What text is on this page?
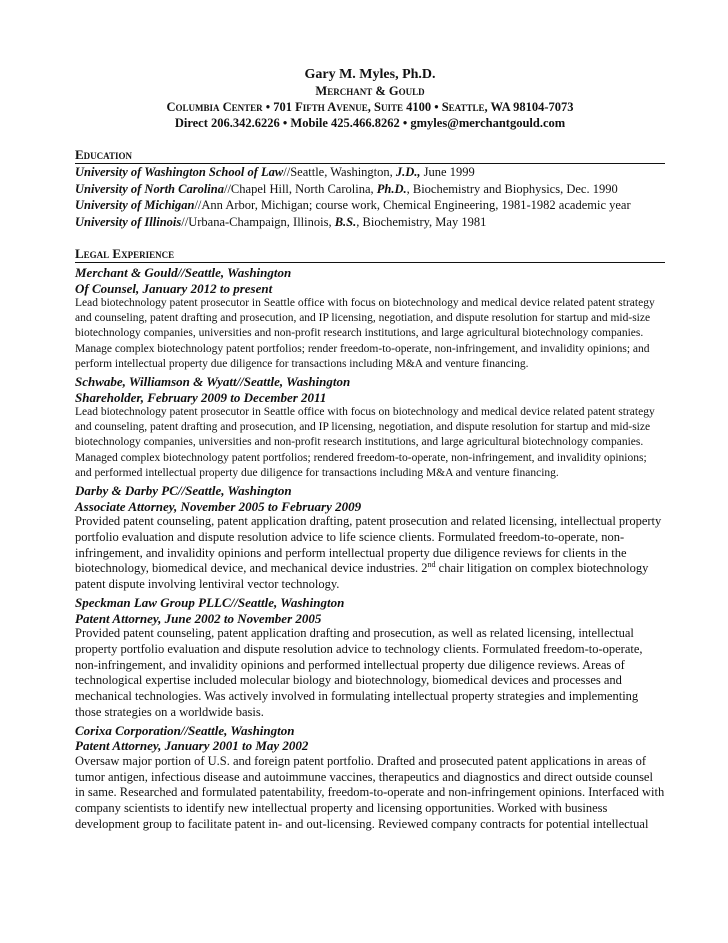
Gary M. Myles, Ph.D.
Merchant & Gould
Columbia Center • 701 Fifth Avenue, Suite 4100 • Seattle, WA 98104-7073
Direct 206.342.6226 • Mobile 425.466.8262 • gmyles@merchantgould.com
Education
University of Washington School of Law//Seattle, Washington, J.D., June 1999
University of North Carolina//Chapel Hill, North Carolina, Ph.D., Biochemistry and Biophysics, Dec. 1990
University of Michigan//Ann Arbor, Michigan; course work, Chemical Engineering, 1981-1982 academic year
University of Illinois//Urbana-Champaign, Illinois, B.S., Biochemistry, May 1981
Legal Experience
Merchant & Gould//Seattle, Washington
Of Counsel, January 2012 to present
Lead biotechnology patent prosecutor in Seattle office with focus on biotechnology and medical device related patent strategy and counseling, patent drafting and prosecution, and IP licensing, negotiation, and dispute resolution for startup and mid-size biotechnology companies, universities and non-profit research institutions, and large agricultural biotechnology companies. Manage complex biotechnology patent portfolios; render freedom-to-operate, non-infringement, and invalidity opinions; and perform intellectual property due diligence for transactions including M&A and venture financing.
Schwabe, Williamson & Wyatt//Seattle, Washington
Shareholder, February 2009 to December 2011
Lead biotechnology patent prosecutor in Seattle office with focus on biotechnology and medical device related patent strategy and counseling, patent drafting and prosecution, and IP licensing, negotiation, and dispute resolution for startup and mid-size biotechnology companies, universities and non-profit research institutions, and large agricultural biotechnology companies. Managed complex biotechnology patent portfolios; rendered freedom-to-operate, non-infringement, and invalidity opinions; and performed intellectual property due diligence for transactions including M&A and venture financing.
Darby & Darby PC//Seattle, Washington
Associate Attorney, November 2005 to February 2009
Provided patent counseling, patent application drafting, patent prosecution and related licensing, intellectual property portfolio evaluation and dispute resolution advice to life science clients. Formulated freedom-to-operate, non-infringement, and invalidity opinions and perform intellectual property due diligence reviews for clients in the biotechnology, biomedical device, and mechanical device industries. 2nd chair litigation on complex biotechnology patent dispute involving lentiviral vector technology.
Speckman Law Group PLLC//Seattle, Washington
Patent Attorney, June 2002 to November 2005
Provided patent counseling, patent application drafting and prosecution, as well as related licensing, intellectual property portfolio evaluation and dispute resolution advice to technology clients. Formulated freedom-to-operate, non-infringement, and invalidity opinions and performed intellectual property due diligence reviews. Areas of technological expertise included molecular biology and biotechnology, biomedical devices and processes and mechanical technologies. Was actively involved in formulating intellectual property strategies and implementing those strategies on a worldwide basis.
Corixa Corporation//Seattle, Washington
Patent Attorney, January 2001 to May 2002
Oversaw major portion of U.S. and foreign patent portfolio. Drafted and prosecuted patent applications in areas of tumor antigen, infectious disease and autoimmune vaccines, therapeutics and diagnostics and direct outside counsel in same. Researched and formulated patentability, freedom-to-operate and non-infringement opinions. Interfaced with company scientists to identify new intellectual property and licensing opportunities. Worked with business development group to facilitate patent in- and out-licensing. Reviewed company contracts for potential intellectual
